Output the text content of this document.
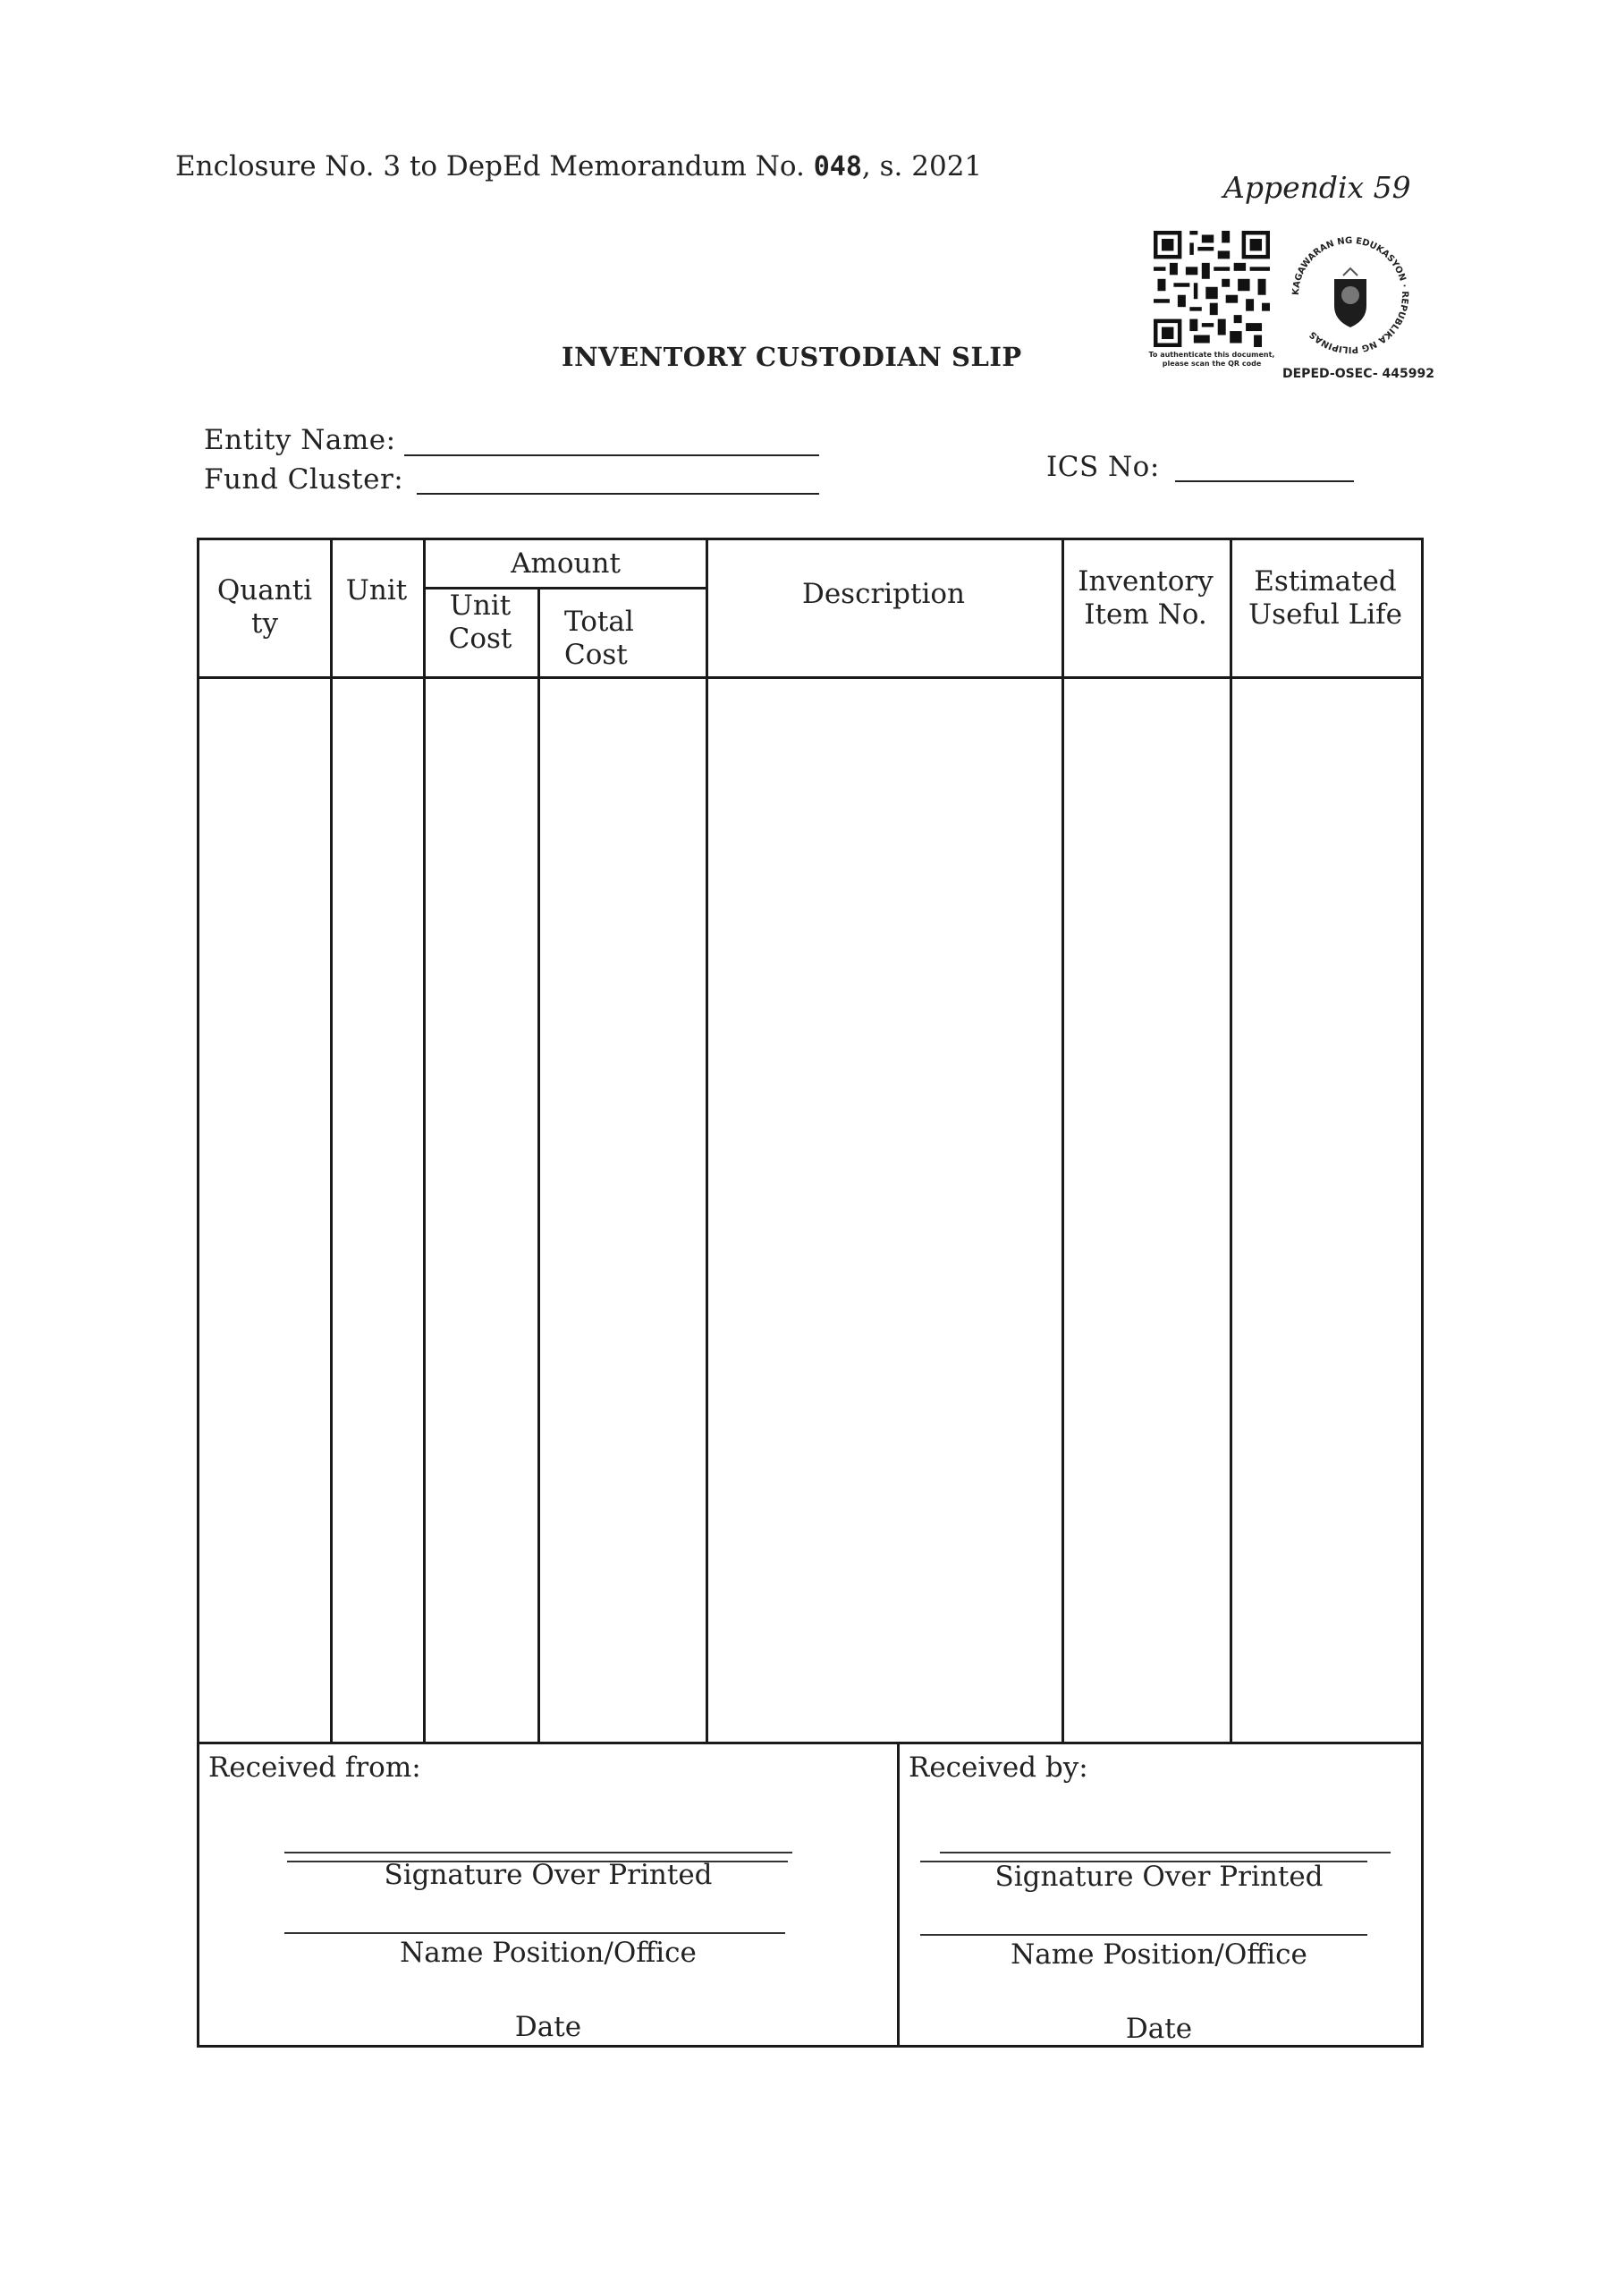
Enclosure No. 3 to DepEd Memorandum No. 048, s. 2021
Appendix 59
To authenticate this document, please scan the QR code
KAGAWARAN NG EDUKASYON · REPUBLIKA NG PILIPINAS
DEPED-OSEC- 445992
INVENTORY CUSTODIAN SLIP
Entity Name:
Fund Cluster:	ICS No:
Quanti
ty
Unit
Amount
Unit
Cost
Total
Cost
Description	Inventory
Item No.
Estimated
Useful Life
Received from:
Signature Over Printed
Name Position/Office
Date
Received by:
Signature Over Printed
Name Position/Office
Date
